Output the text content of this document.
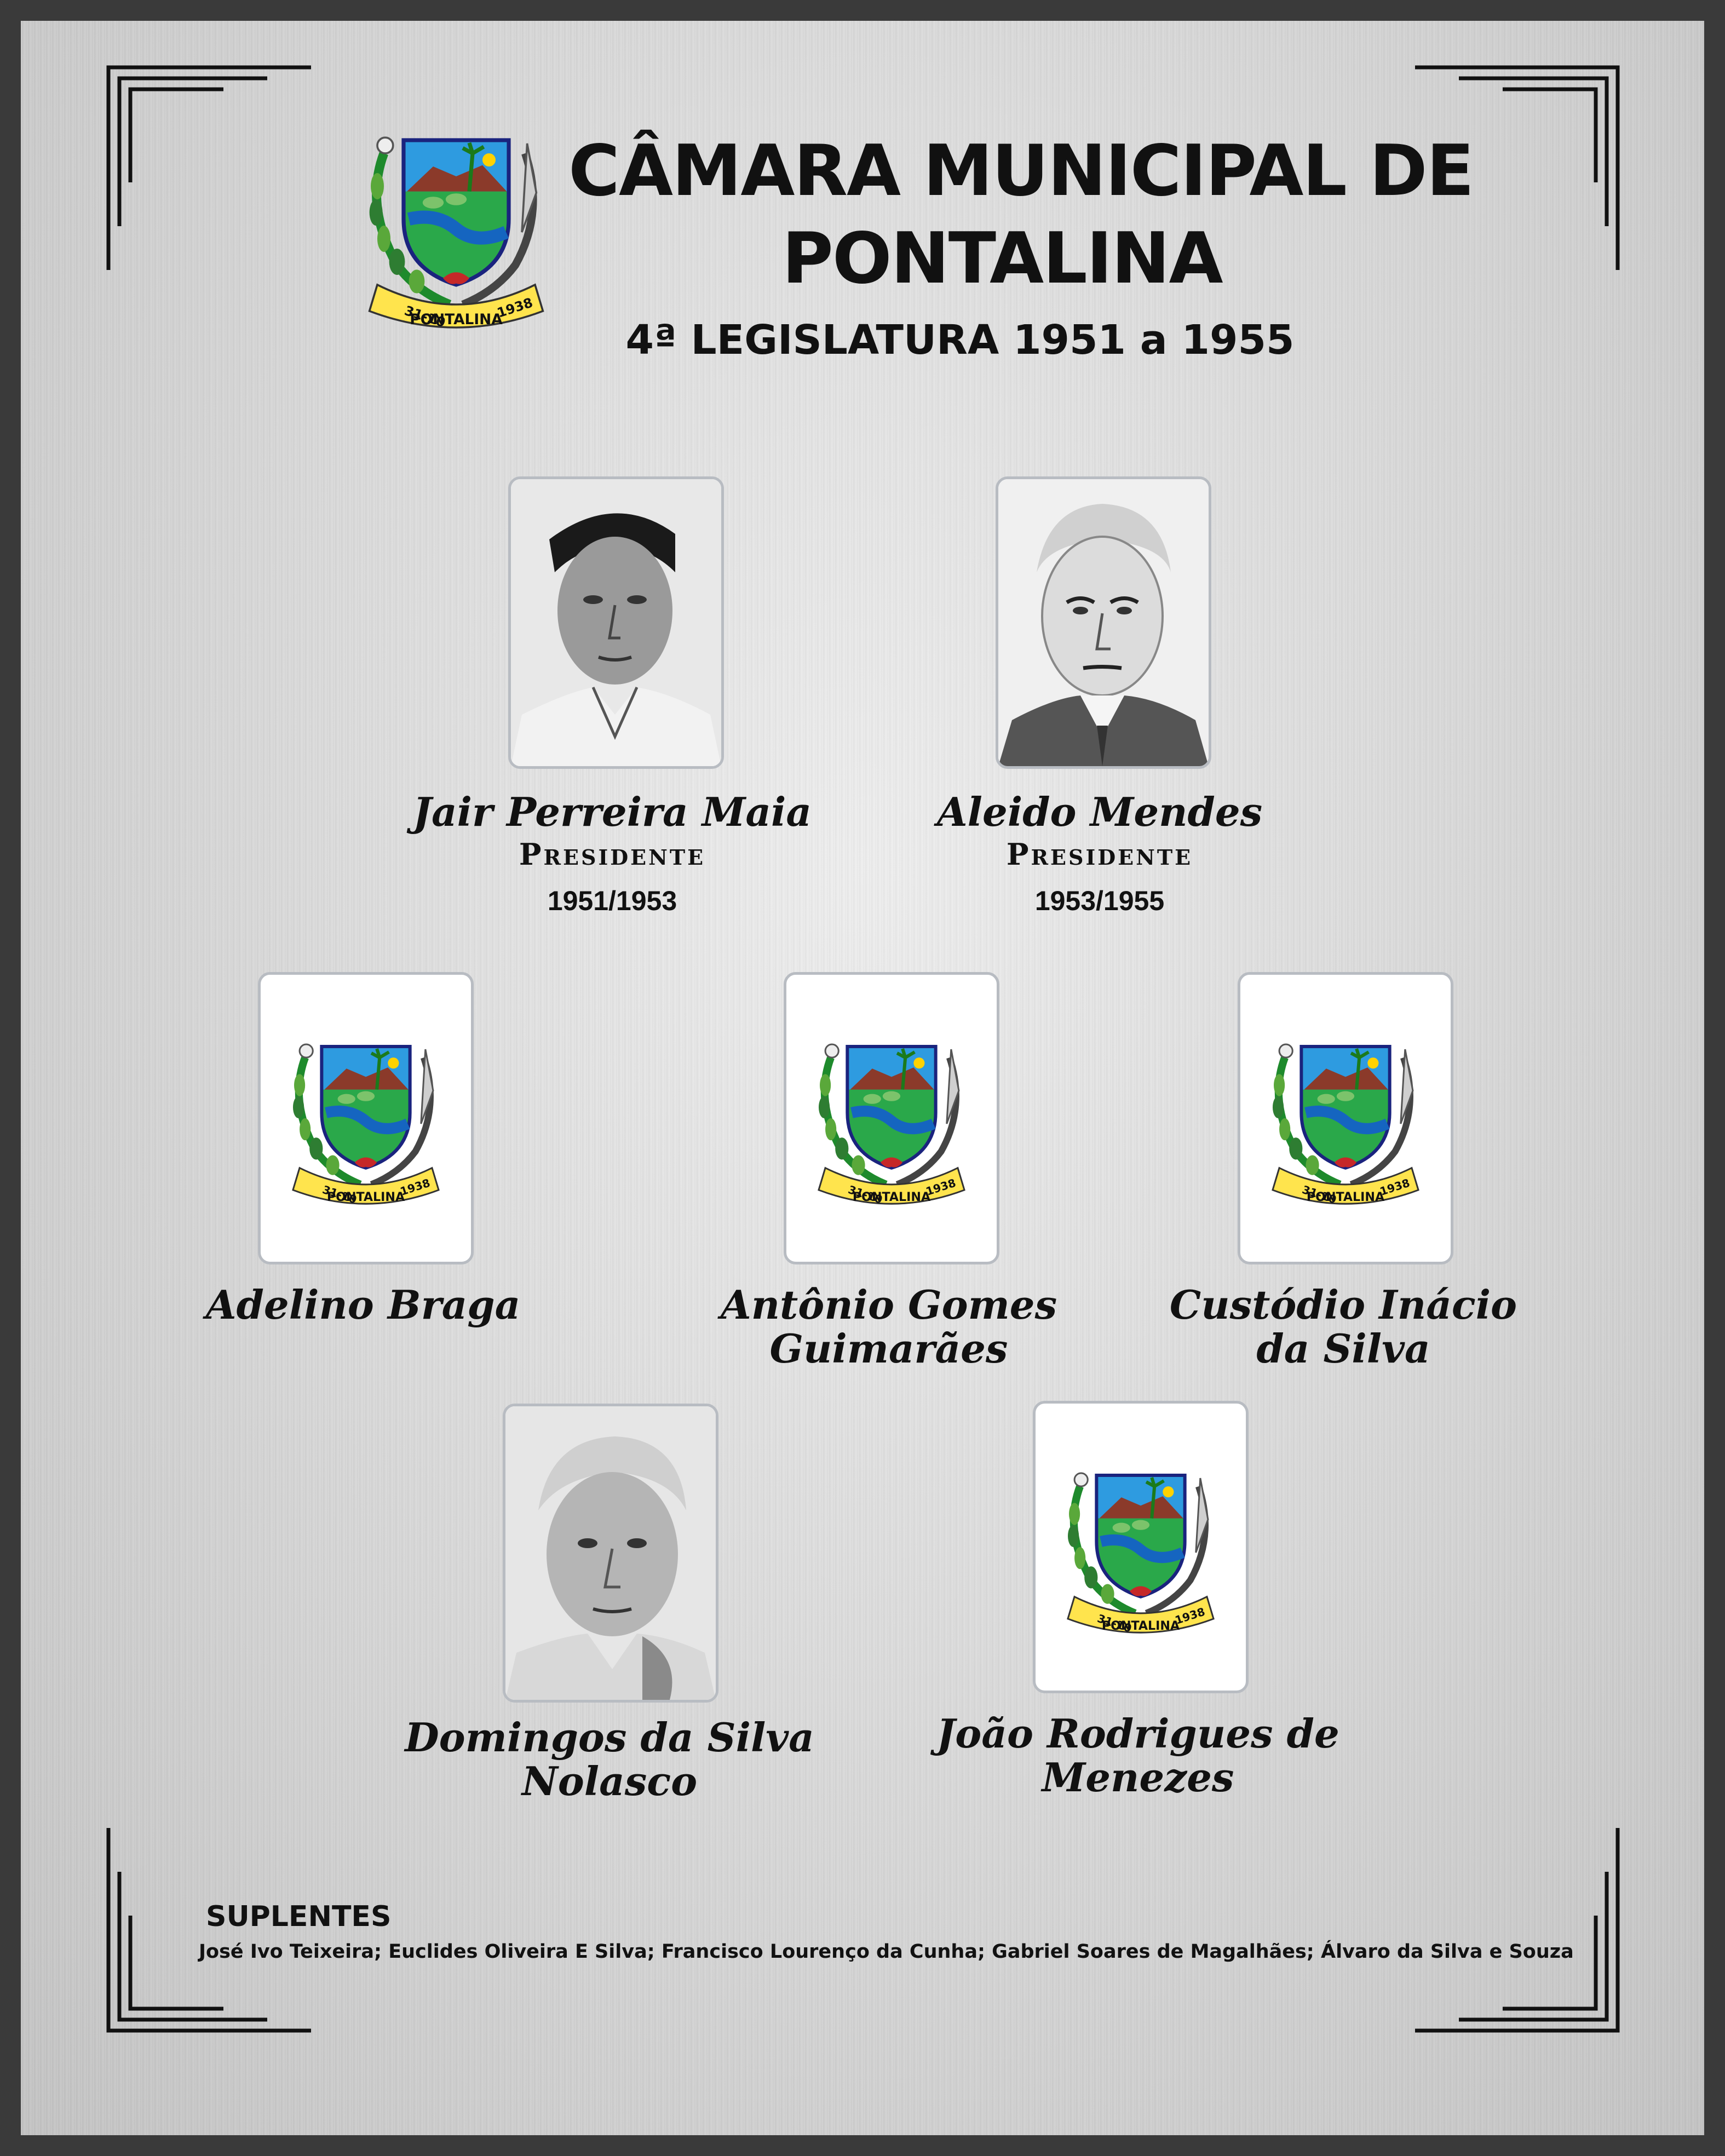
CÂMARA MUNICIPAL DE
PONTALINA
4ª LEGISLATURA 1951 a 1955
Jair Perreira Maia
Presidente
1951/1953
Aleido Mendes
Presidente
1953/1955
Adelino Braga	Antônio Gomes
Guimarães
Custódio Inácio
da Silva
Domingos da Silva
Nolasco
João Rodrigues de
Menezes
SUPLENTES
José Ivo Teixeira; Euclides Oliveira E Silva; Francisco Lourenço da Cunha; Gabriel Soares de Magalhães; Álvaro da Silva e Souza
